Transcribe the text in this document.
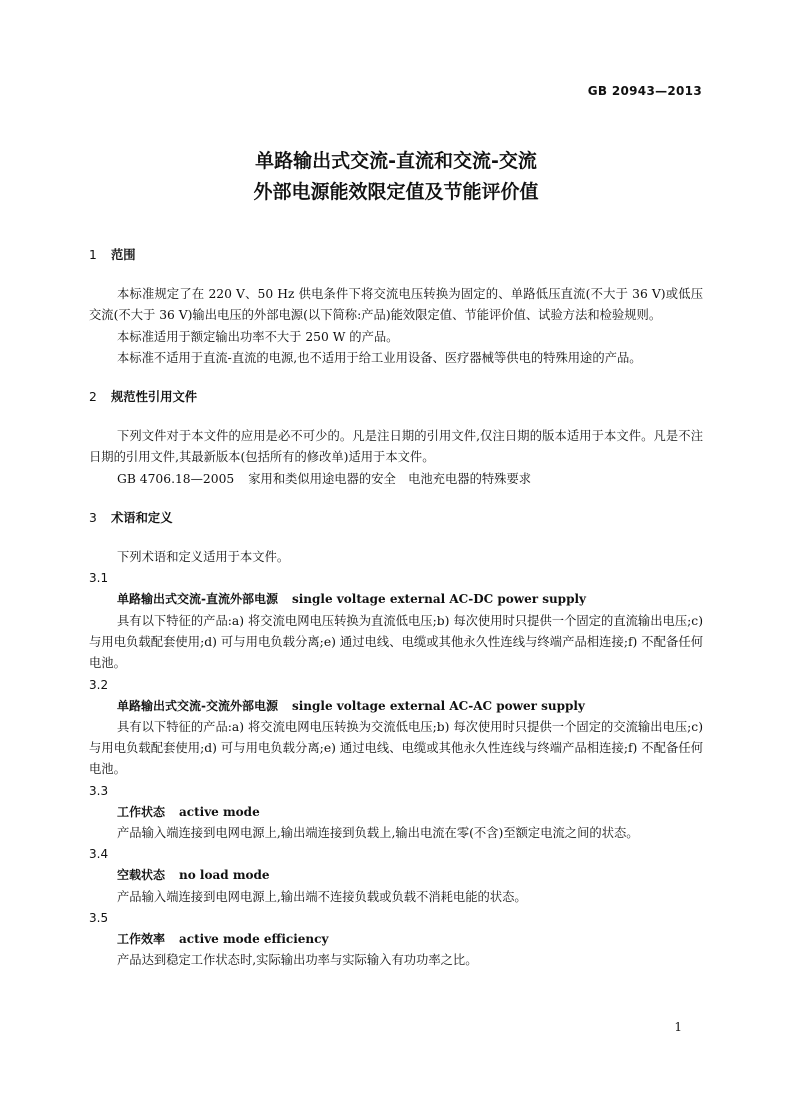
GB 20943—2013
单路输出式交流-直流和交流-交流
外部电源能效限定值及节能评价值
1 范围

本标准规定了在 220 V、50 Hz 供电条件下将交流电压转换为固定的、单路低压直流(不大于 36 V)或低压交流(不大于 36 V)输出电压的外部电源(以下简称:产品)能效限定值、节能评价值、试验方法和检验规则。

本标准适用于额定输出功率不大于 250 W 的产品。

本标准不适用于直流-直流的电源,也不适用于给工业用设备、医疗器械等供电的特殊用途的产品。

2 规范性引用文件

下列文件对于本文件的应用是必不可少的。凡是注日期的引用文件,仅注日期的版本适用于本文件。凡是不注日期的引用文件,其最新版本(包括所有的修改单)适用于本文件。

GB 4706.18—2005 家用和类似用途电器的安全　电池充电器的特殊要求
3 术语和定义

下列术语和定义适用于本文件。

3.1
单路输出式交流-直流外部电源 single voltage external AC-DC power supply

具有以下特征的产品:a) 将交流电网电压转换为直流低电压;b) 每次使用时只提供一个固定的直流输出电压;c) 与用电负载配套使用;d) 可与用电负载分离;e) 通过电线、电缆或其他永久性连线与终端产品相连接;f) 不配备任何电池。

3.2
单路输出式交流-交流外部电源 single voltage external AC-AC power supply

具有以下特征的产品:a) 将交流电网电压转换为交流低电压;b) 每次使用时只提供一个固定的交流输出电压;c) 与用电负载配套使用;d) 可与用电负载分离;e) 通过电线、电缆或其他永久性连线与终端产品相连接;f) 不配备任何电池。

3.3
工作状态 active mode

产品输入端连接到电网电源上,输出端连接到负载上,输出电流在零(不含)至额定电流之间的状态。

3.4
空载状态 no load mode

产品输入端连接到电网电源上,输出端不连接负载或负载不消耗电能的状态。

3.5
工作效率 active mode efficiency

产品达到稳定工作状态时,实际输出功率与实际输入有功功率之比。

1
